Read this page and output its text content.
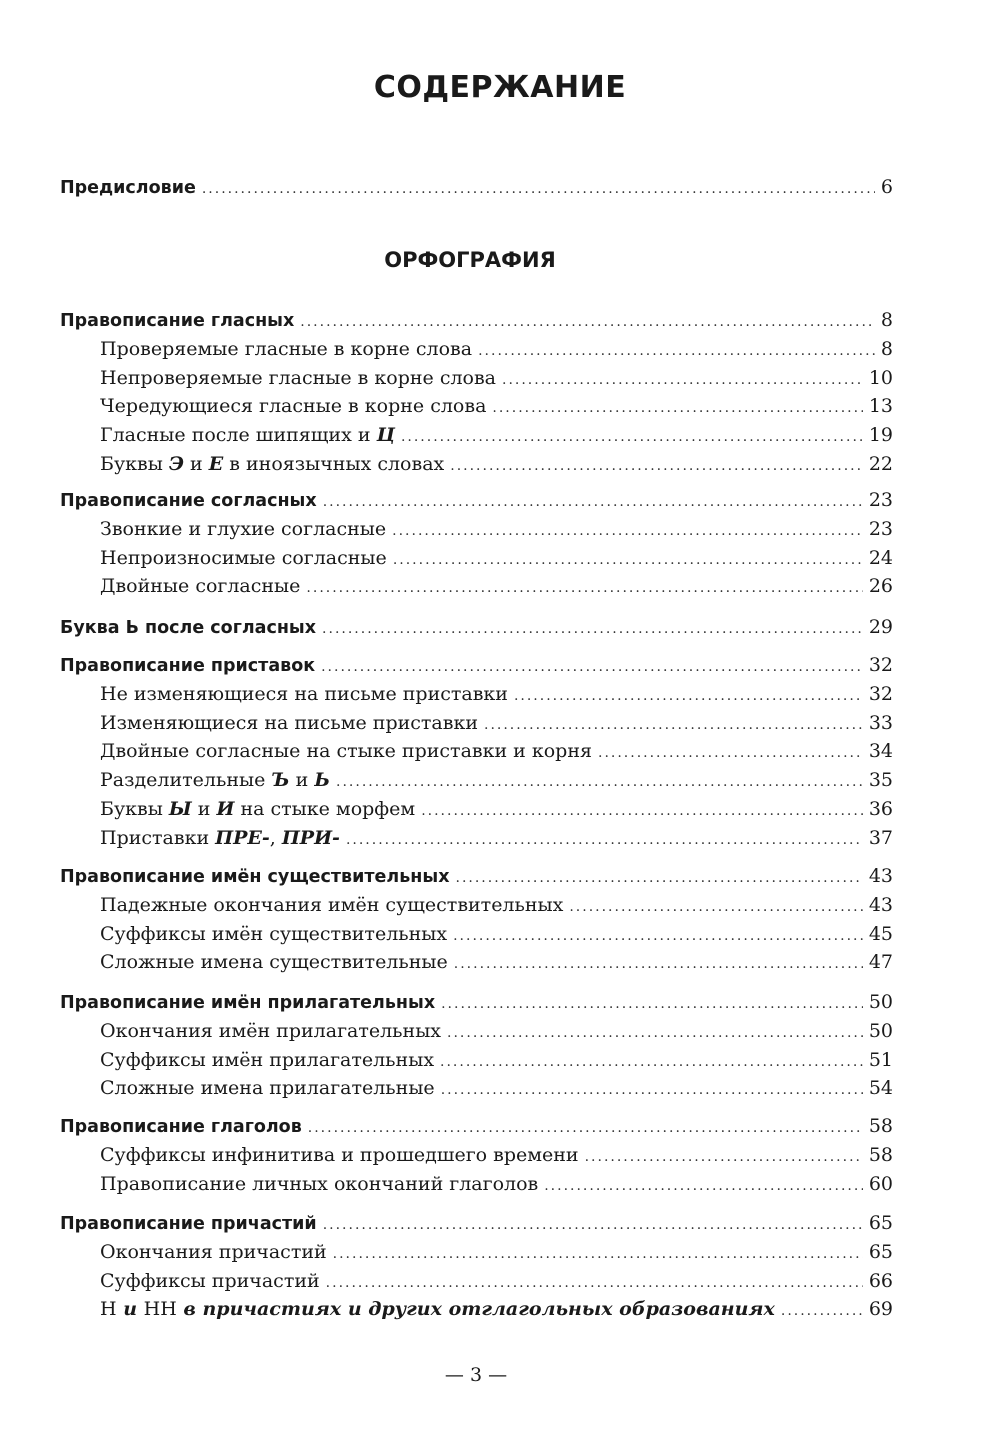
СОДЕРЖАНИЕ
Предисловие .....	6
ОРФОГРАФИЯ
Правописание гласных .....	8
Проверяемые гласные в корне слова .....	8
Непроверяемые гласные в корне слова .....	10
Чередующиеся гласные в корне слова .....	13
Гласные после шипящих и Ц .....	19
Буквы Э и Е в иноязычных словах .....	22
Правописание согласных .....	23
Звонкие и глухие согласные .....	23
Непроизносимые согласные .....	24
Двойные согласные .....	26
Буква Ь после согласных .....	29
Правописание приставок .....	32
Не изменяющиеся на письме приставки .....	32
Изменяющиеся на письме приставки .....	33
Двойные согласные на стыке приставки и корня .....	34
Разделительные Ъ и Ь .....	35
Буквы Ы и И на стыке морфем .....	36
Приставки ПРЕ-, ПРИ- .....	37
Правописание имён существительных .....	43
Падежные окончания имён существительных .....	43
Суффиксы имён существительных .....	45
Сложные имена существительные .....	47
Правописание имён прилагательных .....	50
Окончания имён прилагательных .....	50
Суффиксы имён прилагательных .....	51
Сложные имена прилагательные .....	54
Правописание глаголов .....	58
Суффиксы инфинитива и прошедшего времени .....	58
Правописание личных окончаний глаголов .....	60
Правописание причастий .....	65
Окончания причастий .....	65
Суффиксы причастий .....	66
Н и НН в причастиях и других отглагольных образованиях .....	69
— 3 —
